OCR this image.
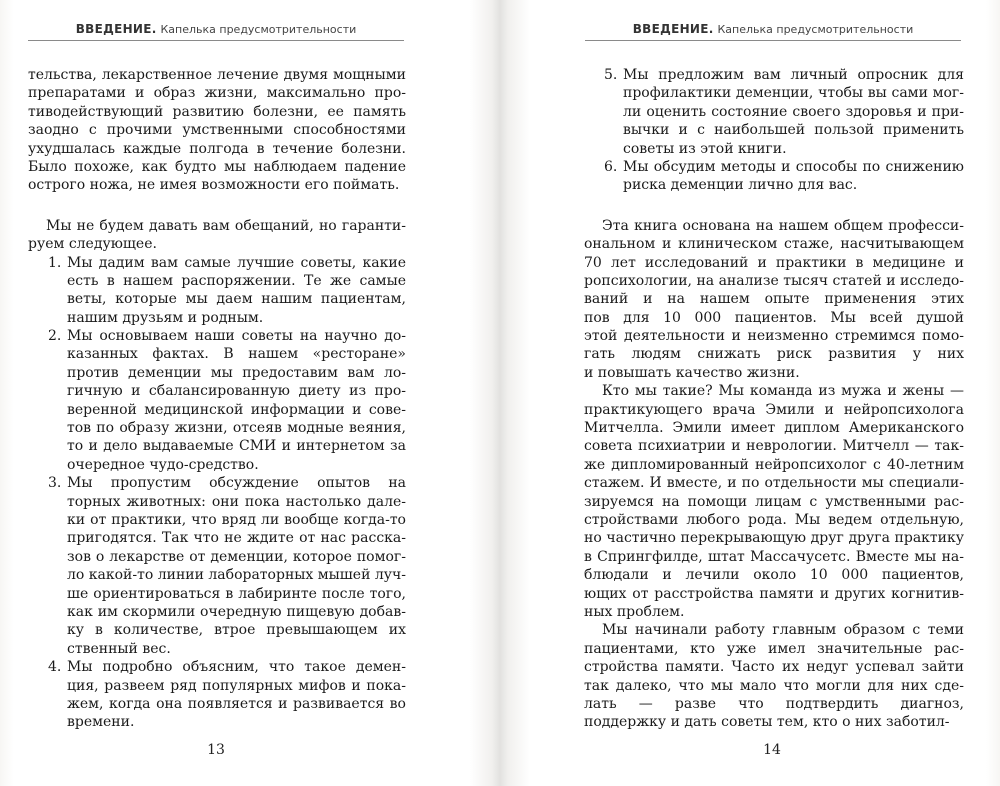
ВВЕДЕНИЕ. Капелька предусмотрительности
тельства, лекарственное лечение двумя мощными
препаратами и образ жизни, максимально про-
тиводействующий развитию болезни, ее память
заодно с прочими умственными способностями
ухудшалась каждые полгода в течение болезни.
Было похоже, как будто мы наблюдаем падение
острого ножа, не имея возможности его поймать.
Мы не будем давать вам обещаний, но гаранти-
руем следующее.
1. Мы дадим вам самые лучшие советы, какие
есть в нашем распоряжении. Те же самые
веты, которые мы даем нашим пациентам,
нашим друзьям и родным.
2. Мы основываем наши советы на научно до-
казанных фактах. В нашем «ресторане»
против деменции мы предоставим вам ло-
гичную и сбалансированную диету из про-
веренной медицинской информации и сове-
тов по образу жизни, отсеяв модные веяния,
то и дело выдаваемые СМИ и интернетом за
очередное чудо-средство.
3. Мы пропустим обсуждение опытов на
торных животных: они пока настолько дале-
ки от практики, что вряд ли вообще когда-то
пригодятся. Так что не ждите от нас расска-
зов о лекарстве от деменции, которое помог-
ло какой-то линии лабораторных мышей луч-
ше ориентироваться в лабиринте после того,
как им скормили очередную пищевую добав-
ку в количестве, втрое превышающем их
ственный вес.
4. Мы подробно объясним, что такое демен-
ция, развеем ряд популярных мифов и пока-
жем, когда она появляется и развивается во
времени.
13
ВВЕДЕНИЕ. Капелька предусмотрительности
5. Мы предложим вам личный опросник для
профилактики деменции, чтобы вы сами мог-
ли оценить состояние своего здоровья и при-
вычки и с наибольшей пользой применить
советы из этой книги.
6. Мы обсудим методы и способы по снижению
риска деменции лично для вас.
Эта книга основана на нашем общем професси-
ональном и клиническом стаже, насчитывающем
70 лет исследований и практики в медицине и
ропсихологии, на анализе тысяч статей и исследо-
ваний и на нашем опыте применения этих
пов для 10 000 пациентов. Мы всей душой
этой деятельности и неизменно стремимся помо-
гать людям снижать риск развития у них
и повышать качество жизни.
Кто мы такие? Мы команда из мужа и жены —
практикующего врача Эмили и нейропсихолога
Митчелла. Эмили имеет диплом Американского
совета психиатрии и неврологии. Митчелл — так-
же дипломированный нейропсихолог с 40-летним
стажем. И вместе, и по отдельности мы специали-
зируемся на помощи лицам с умственными рас-
стройствами любого рода. Мы ведем отдельную,
но частично перекрывающую друг друга практику
в Спрингфилде, штат Массачусетс. Вместе мы на-
блюдали и лечили около 10 000 пациентов,
ющих от расстройства памяти и других когнитив-
ных проблем.
Мы начинали работу главным образом с теми
пациентами, кто уже имел значительные рас-
стройства памяти. Часто их недуг успевал зайти
так далеко, что мы мало что могли для них сде-
лать — разве что подтвердить диагноз,
поддержку и дать советы тем, кто о них заботил-
14
